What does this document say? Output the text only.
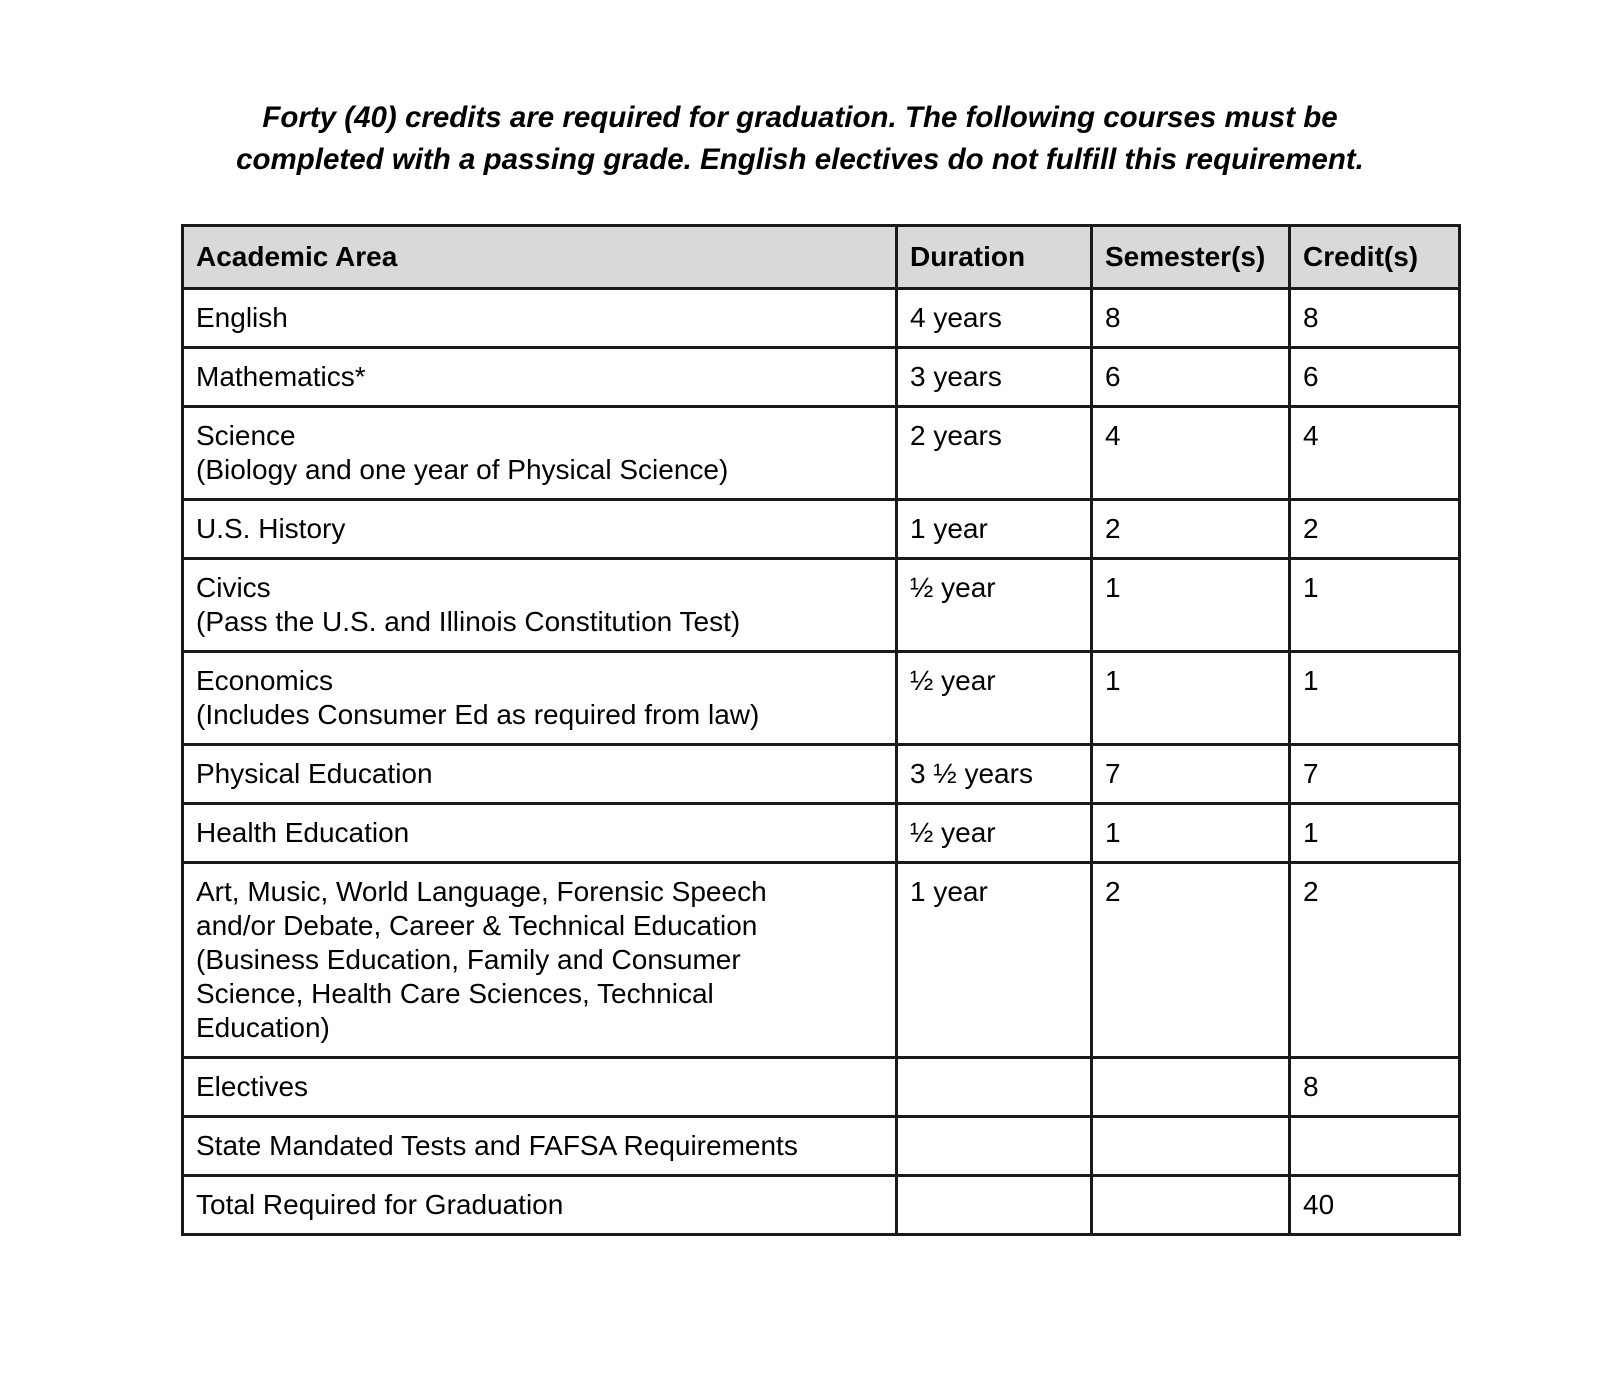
Forty (40) credits are required for graduation. The following courses must be
completed with a passing grade. English electives do not fulfill this requirement.
Academic Area	Duration	Semester(s)	Credit(s)

English	4 years	8	8

Mathematics*	3 years	6	6

Science
(Biology and one year of Physical Science)	2 years	4	4

U.S. History	1 year	2	2

Civics
(Pass the U.S. and Illinois Constitution Test)	½ year	1	1

Economics
(Includes Consumer Ed as required from law)	½ year	1	1

Physical Education	3 ½ years	7	7

Health Education	½ year	1	1

Art, Music, World Language, Forensic Speech
and/or Debate, Career & Technical Education
(Business Education, Family and Consumer
Science, Health Care Sciences, Technical
Education)	1 year	2	2

Electives			8

State Mandated Tests and FAFSA Requirements			

Total Required for Graduation			40
